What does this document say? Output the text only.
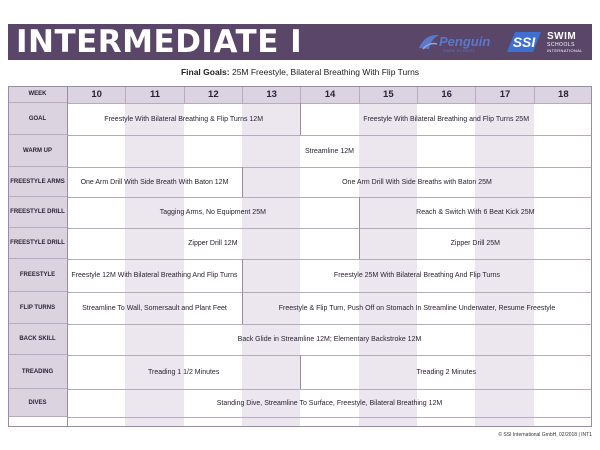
INTERMEDIATE I	Penguin
SWIM SCHOOL
SSI SWIM
SCHOOLS
INTERNATIONAL
Final Goals: 25M Freestyle, Bilateral Breathing With Flip Turns
WEEK	10	11	12	13	14	15	16	17	18
GOAL	Freestyle With Bilateral Breathing & Flip Turns 12M	Freestyle With Bilateral Breathing and Flip Turns 25M
WARM UP	Streamline 12M
FREESTYLE ARMS	One Arm Drill With Side Breath With Baton 12M	One Arm Drill With Side Breaths with Baton 25M
FREESTYLE DRILL	Tagging Arms, No Equipment 25M	Reach & Switch With 6 Beat Kick 25M
FREESTYLE DRILL	Zipper Drill 12M	Zipper Drill 25M
FREESTYLE	Freestyle 12M With Bilateral Breathing And Flip Turns	Freestyle 25M With Bilateral Breathing And Flip Turns
FLIP TURNS	Streamline To Wall, Somersault and Plant Feet	Freestyle & Flip Turn, Push Off on Stomach In Streamline Underwater, Resume Freestyle
BACK SKILL	Back Glide in Streamline 12M; Elementary Backstroke 12M
TREADING	Treading 1 1/2 Minutes	Treading 2 Minutes
DIVES	Standing Dive, Streamline To Surface, Freestyle, Bilateral Breathing 12M
© SSI International GmbH, 02/2018 | INT1
